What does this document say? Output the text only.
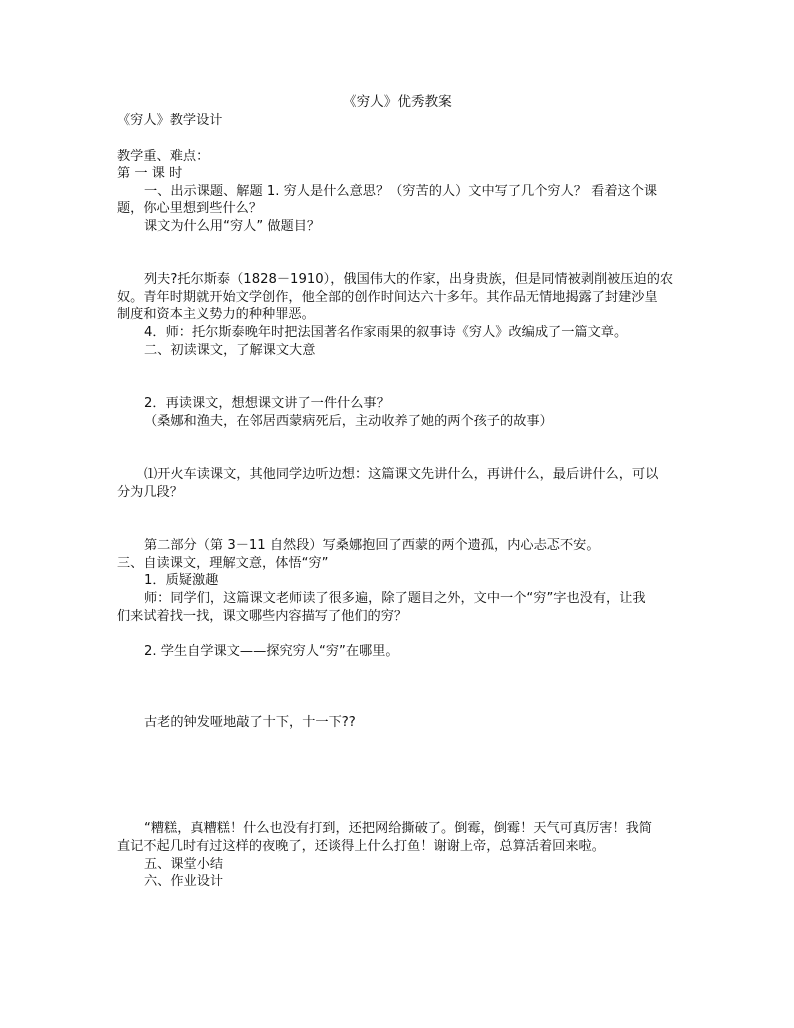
《穷人》优秀教案
《穷人》教学设计
教学重、难点：
第 一 课 时
一、出示课题、解题 1. 穷人是什么意思？（穷苦的人）文中写了几个穷人？ 看着这个课
题，你心里想到些什么？
课文为什么用“穷人” 做题目？
列夫?托尔斯泰（1828－1910），俄国伟大的作家，出身贵族，但是同情被剥削被压迫的农
奴。青年时期就开始文学创作，他全部的创作时间达六十多年。其作品无情地揭露了封建沙皇
制度和资本主义势力的种种罪恶。
4．师：托尔斯泰晚年时把法国著名作家雨果的叙事诗《穷人》改编成了一篇文章。
二、初读课文，了解课文大意
2．再读课文，想想课文讲了一件什么事？
（桑娜和渔夫，在邻居西蒙病死后，主动收养了她的两个孩子的故事）
⑴开火车读课文，其他同学边听边想：这篇课文先讲什么，再讲什么，最后讲什么，可以
分为几段？
第二部分（第 3－11 自然段）写桑娜抱回了西蒙的两个遗孤，内心忐忑不安。
三、自读课文，理解文意，体悟“穷”
1．质疑激趣
师：同学们，这篇课文老师读了很多遍，除了题目之外，文中一个“穷”字也没有，让我
们来试着找一找，课文哪些内容描写了他们的穷？
2. 学生自学课文——探究穷人“穷”在哪里。
古老的钟发哑地敲了十下，十一下??
“糟糕，真糟糕！什么也没有打到，还把网给撕破了。倒霉，倒霉！天气可真厉害！我简
直记不起几时有过这样的夜晚了，还谈得上什么打鱼！谢谢上帝，总算活着回来啦。
五、课堂小结
六、作业设计
